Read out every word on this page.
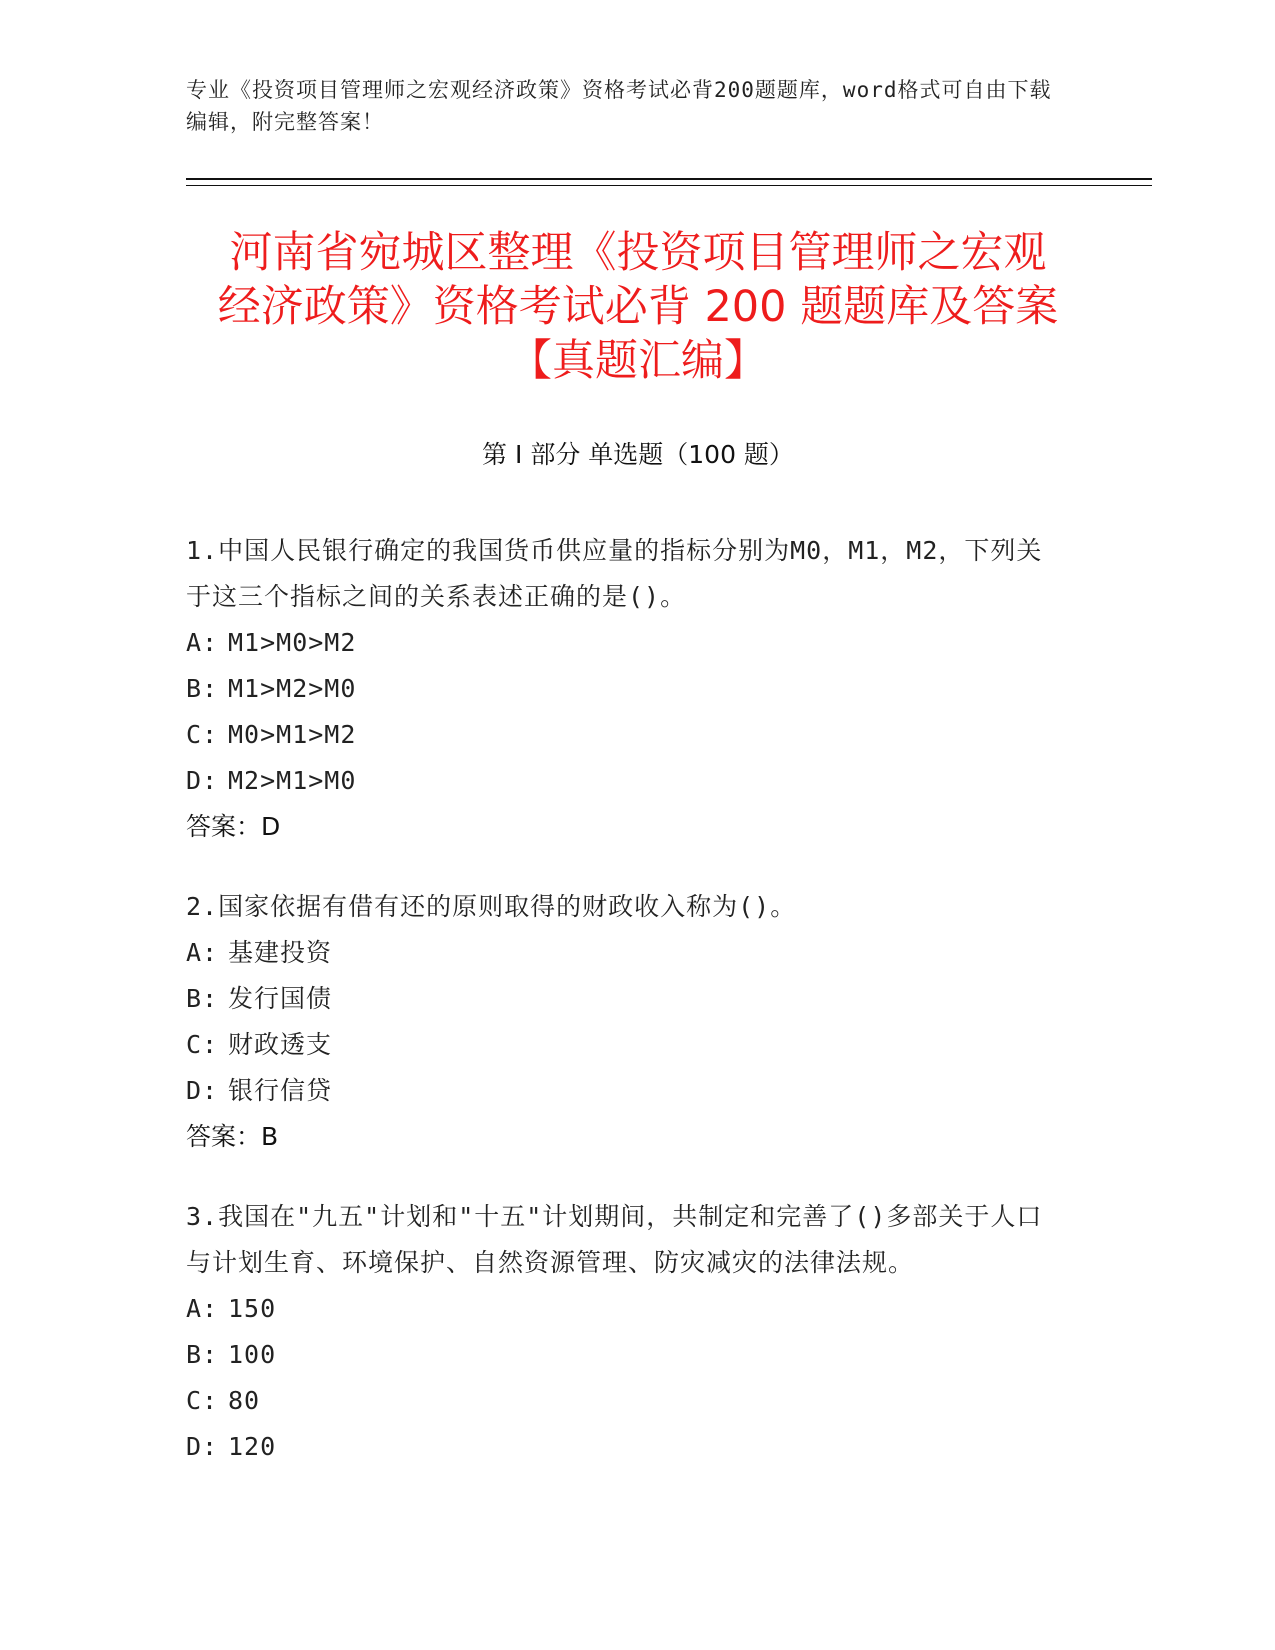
专业《投资项目管理师之宏观经济政策》资格考试必背200题题库，word格式可自由下载编辑，附完整答案！
河南省宛城区整理《投资项目管理师之宏观
经济政策》资格考试必背 200 题题库及答案
【真题汇编】
第 I 部分 单选题（100 题）
1.中国人民银行确定的我国货币供应量的指标分别为M0，M1，M2，下列关于这三个指标之间的关系表述正确的是()。
A: M1>M0>M2
B: M1>M2>M0
C: M0>M1>M2
D: M2>M1>M0
答案：D
2.国家依据有借有还的原则取得的财政收入称为()。
A: 基建投资
B: 发行国债
C: 财政透支
D: 银行信贷
答案：B
3.我国在"九五"计划和"十五"计划期间，共制定和完善了()多部关于人口与计划生育、环境保护、自然资源管理、防灾减灾的法律法规。
A: 150
B: 100
C: 80
D: 120
